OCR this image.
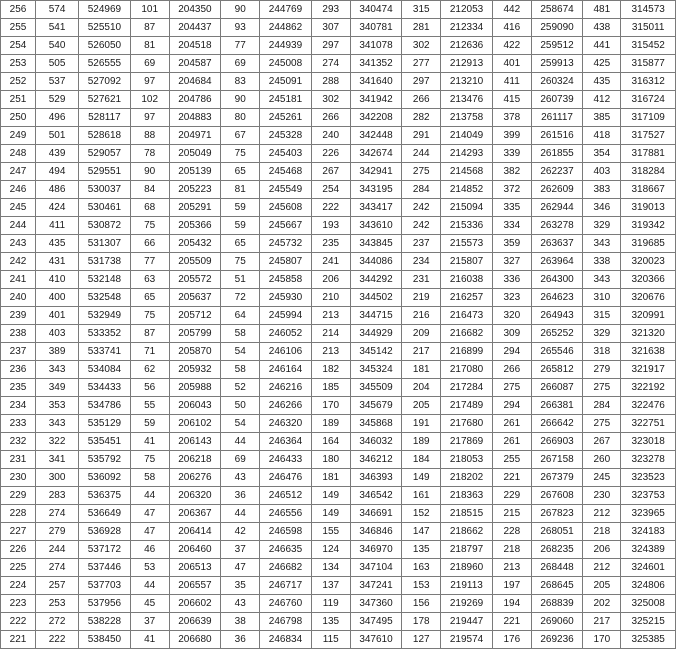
256	574	524969	101	204350	90	244769	293	340474	315	212053	442	258674	481	314573
255	541	525510	87	204437	93	244862	307	340781	281	212334	416	259090	438	315011
254	540	526050	81	204518	77	244939	297	341078	302	212636	422	259512	441	315452
253	505	526555	69	204587	69	245008	274	341352	277	212913	401	259913	425	315877
252	537	527092	97	204684	83	245091	288	341640	297	213210	411	260324	435	316312
251	529	527621	102	204786	90	245181	302	341942	266	213476	415	260739	412	316724
250	496	528117	97	204883	80	245261	266	342208	282	213758	378	261117	385	317109
249	501	528618	88	204971	67	245328	240	342448	291	214049	399	261516	418	317527
248	439	529057	78	205049	75	245403	226	342674	244	214293	339	261855	354	317881
247	494	529551	90	205139	65	245468	267	342941	275	214568	382	262237	403	318284
246	486	530037	84	205223	81	245549	254	343195	284	214852	372	262609	383	318667
245	424	530461	68	205291	59	245608	222	343417	242	215094	335	262944	346	319013
244	411	530872	75	205366	59	245667	193	343610	242	215336	334	263278	329	319342
243	435	531307	66	205432	65	245732	235	343845	237	215573	359	263637	343	319685
242	431	531738	77	205509	75	245807	241	344086	234	215807	327	263964	338	320023
241	410	532148	63	205572	51	245858	206	344292	231	216038	336	264300	343	320366
240	400	532548	65	205637	72	245930	210	344502	219	216257	323	264623	310	320676
239	401	532949	75	205712	64	245994	213	344715	216	216473	320	264943	315	320991
238	403	533352	87	205799	58	246052	214	344929	209	216682	309	265252	329	321320
237	389	533741	71	205870	54	246106	213	345142	217	216899	294	265546	318	321638
236	343	534084	62	205932	58	246164	182	345324	181	217080	266	265812	279	321917
235	349	534433	56	205988	52	246216	185	345509	204	217284	275	266087	275	322192
234	353	534786	55	206043	50	246266	170	345679	205	217489	294	266381	284	322476
233	343	535129	59	206102	54	246320	189	345868	191	217680	261	266642	275	322751
232	322	535451	41	206143	44	246364	164	346032	189	217869	261	266903	267	323018
231	341	535792	75	206218	69	246433	180	346212	184	218053	255	267158	260	323278
230	300	536092	58	206276	43	246476	181	346393	149	218202	221	267379	245	323523
229	283	536375	44	206320	36	246512	149	346542	161	218363	229	267608	230	323753
228	274	536649	47	206367	44	246556	149	346691	152	218515	215	267823	212	323965
227	279	536928	47	206414	42	246598	155	346846	147	218662	228	268051	218	324183
226	244	537172	46	206460	37	246635	124	346970	135	218797	218	268235	206	324389
225	274	537446	53	206513	47	246682	134	347104	163	218960	213	268448	212	324601
224	257	537703	44	206557	35	246717	137	347241	153	219113	197	268645	205	324806
223	253	537956	45	206602	43	246760	119	347360	156	219269	194	268839	202	325008
222	272	538228	37	206639	38	246798	135	347495	178	219447	221	269060	217	325215
221	222	538450	41	206680	36	246834	115	347610	127	219574	176	269236	170	325385
